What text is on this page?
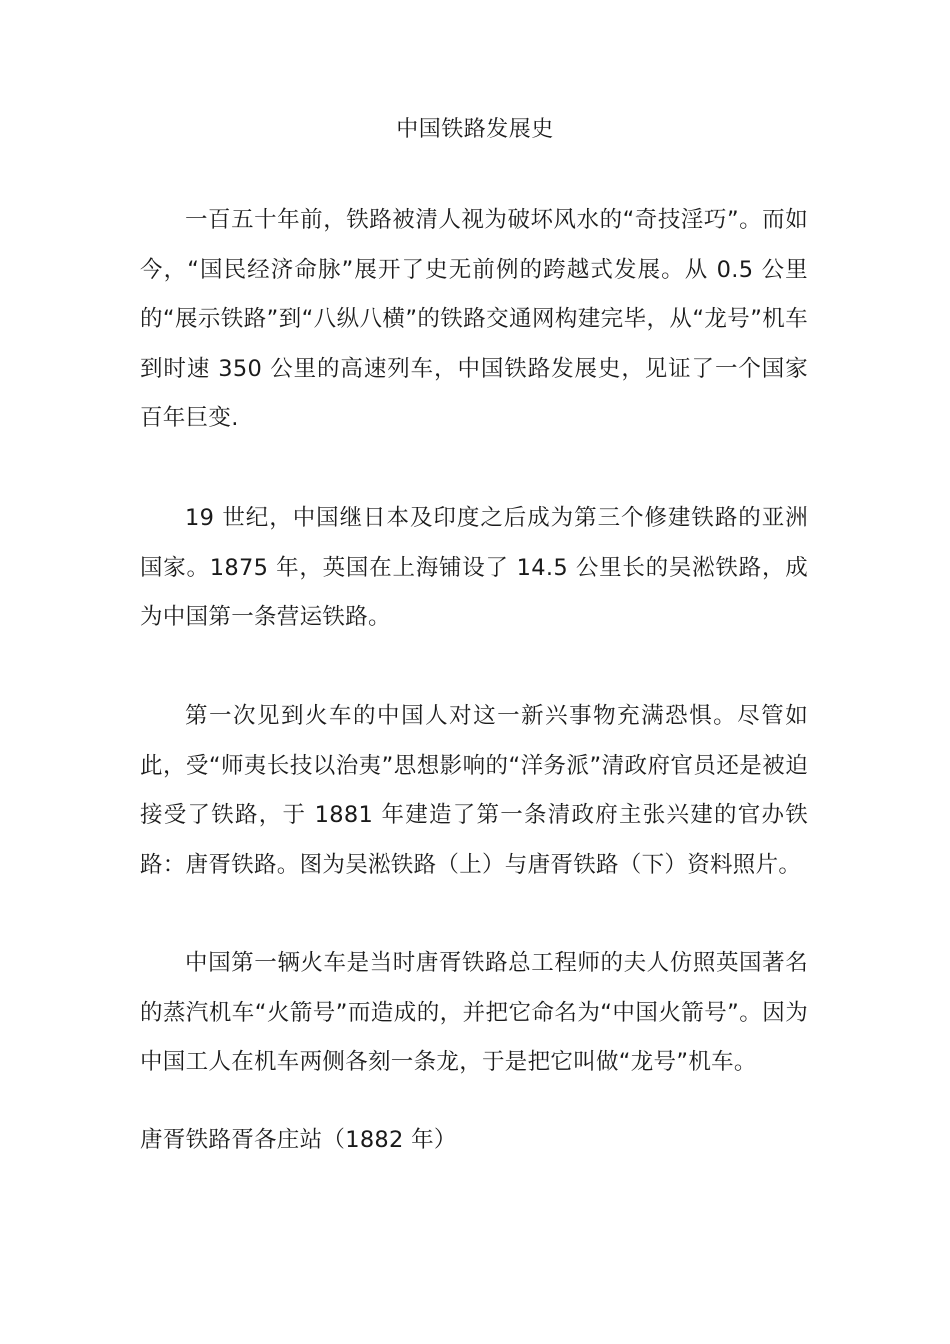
中国铁路发展史

一百五十年前，铁路被清人视为破坏风水的“奇技淫巧”。而如今，“国民经济命脉”展开了史无前例的跨越式发展。从 0.5 公里的“展示铁路”到“八纵八横”的铁路交通网构建完毕，从“龙号”机车到时速 350 公里的高速列车，中国铁路发展史，见证了一个国家百年巨变.

19 世纪，中国继日本及印度之后成为第三个修建铁路的亚洲国家。1875 年，英国在上海铺设了 14.5 公里长的吴淞铁路，成为中国第一条营运铁路。

第一次见到火车的中国人对这一新兴事物充满恐惧。尽管如此，受“师夷长技以治夷”思想影响的“洋务派”清政府官员还是被迫接受了铁路，于 1881 年建造了第一条清政府主张兴建的官办铁路：唐胥铁路。图为吴淞铁路（上）与唐胥铁路（下）资料照片。

中国第一辆火车是当时唐胥铁路总工程师的夫人仿照英国著名的蒸汽机车“火箭号”而造成的，并把它命名为“中国火箭号”。因为中国工人在机车两侧各刻一条龙，于是把它叫做“龙号”机车。

唐胥铁路胥各庄站（1882 年）
